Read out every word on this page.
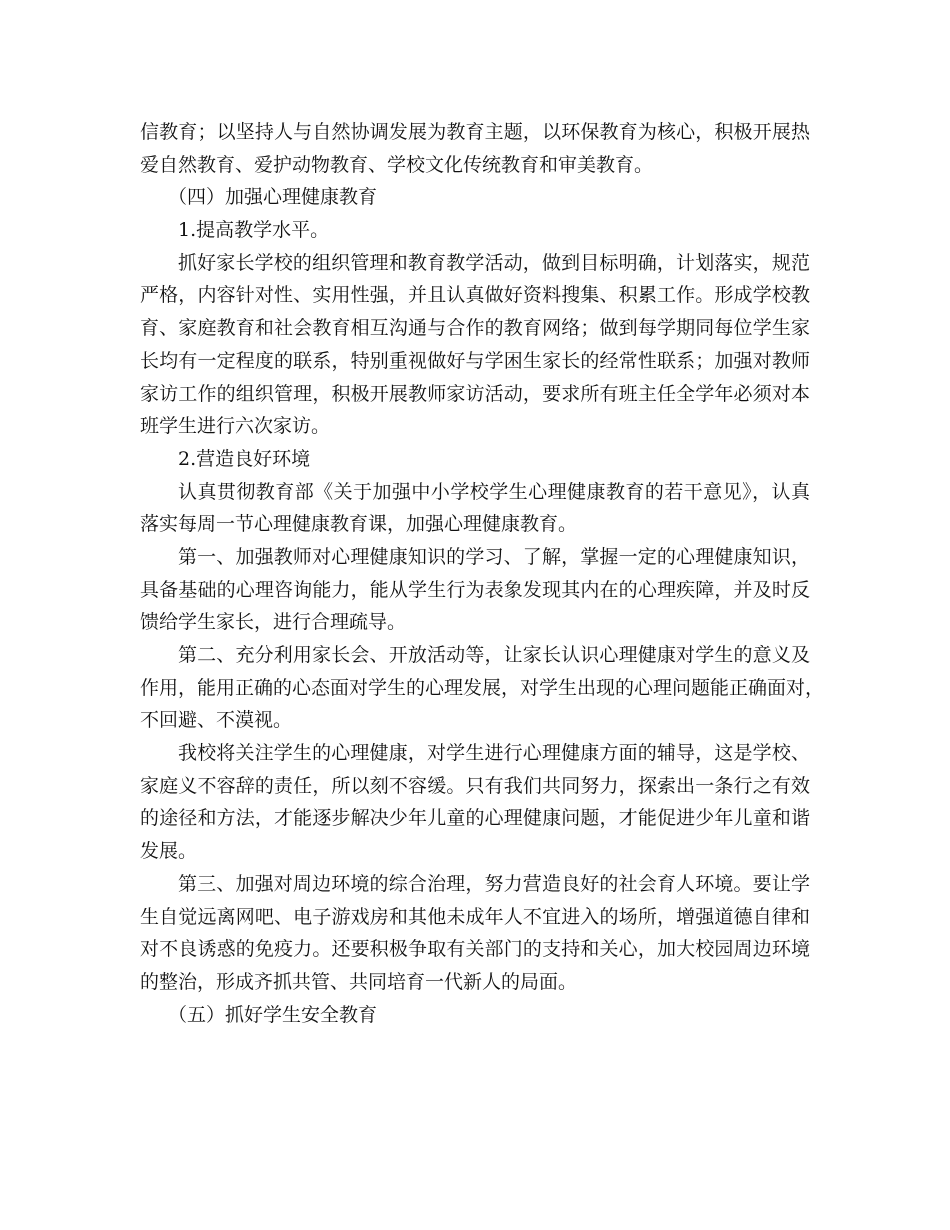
信教育；以坚持人与自然协调发展为教育主题，以环保教育为核心，积极开展热
爱自然教育、爱护动物教育、学校文化传统教育和审美教育。
（四）加强心理健康教育
1.提高教学水平。
抓好家长学校的组织管理和教育教学活动，做到目标明确，计划落实，规范
严格，内容针对性、实用性强，并且认真做好资料搜集、积累工作。形成学校教
育、家庭教育和社会教育相互沟通与合作的教育网络；做到每学期同每位学生家
长均有一定程度的联系，特别重视做好与学困生家长的经常性联系；加强对教师
家访工作的组织管理，积极开展教师家访活动，要求所有班主任全学年必须对本
班学生进行六次家访。
2.营造良好环境
认真贯彻教育部《关于加强中小学校学生心理健康教育的若干意见》，认真
落实每周一节心理健康教育课，加强心理健康教育。
第一、加强教师对心理健康知识的学习、了解，掌握一定的心理健康知识，
具备基础的心理咨询能力，能从学生行为表象发现其内在的心理疾障，并及时反
馈给学生家长，进行合理疏导。
第二、充分利用家长会、开放活动等，让家长认识心理健康对学生的意义及
作用，能用正确的心态面对学生的心理发展，对学生出现的心理问题能正确面对，
不回避、不漠视。
我校将关注学生的心理健康，对学生进行心理健康方面的辅导，这是学校、
家庭义不容辞的责任，所以刻不容缓。只有我们共同努力，探索出一条行之有效
的途径和方法，才能逐步解决少年儿童的心理健康问题，才能促进少年儿童和谐
发展。
第三、加强对周边环境的综合治理，努力营造良好的社会育人环境。要让学
生自觉远离网吧、电子游戏房和其他未成年人不宜进入的场所，增强道德自律和
对不良诱惑的免疫力。还要积极争取有关部门的支持和关心，加大校园周边环境
的整治，形成齐抓共管、共同培育一代新人的局面。
（五）抓好学生安全教育
